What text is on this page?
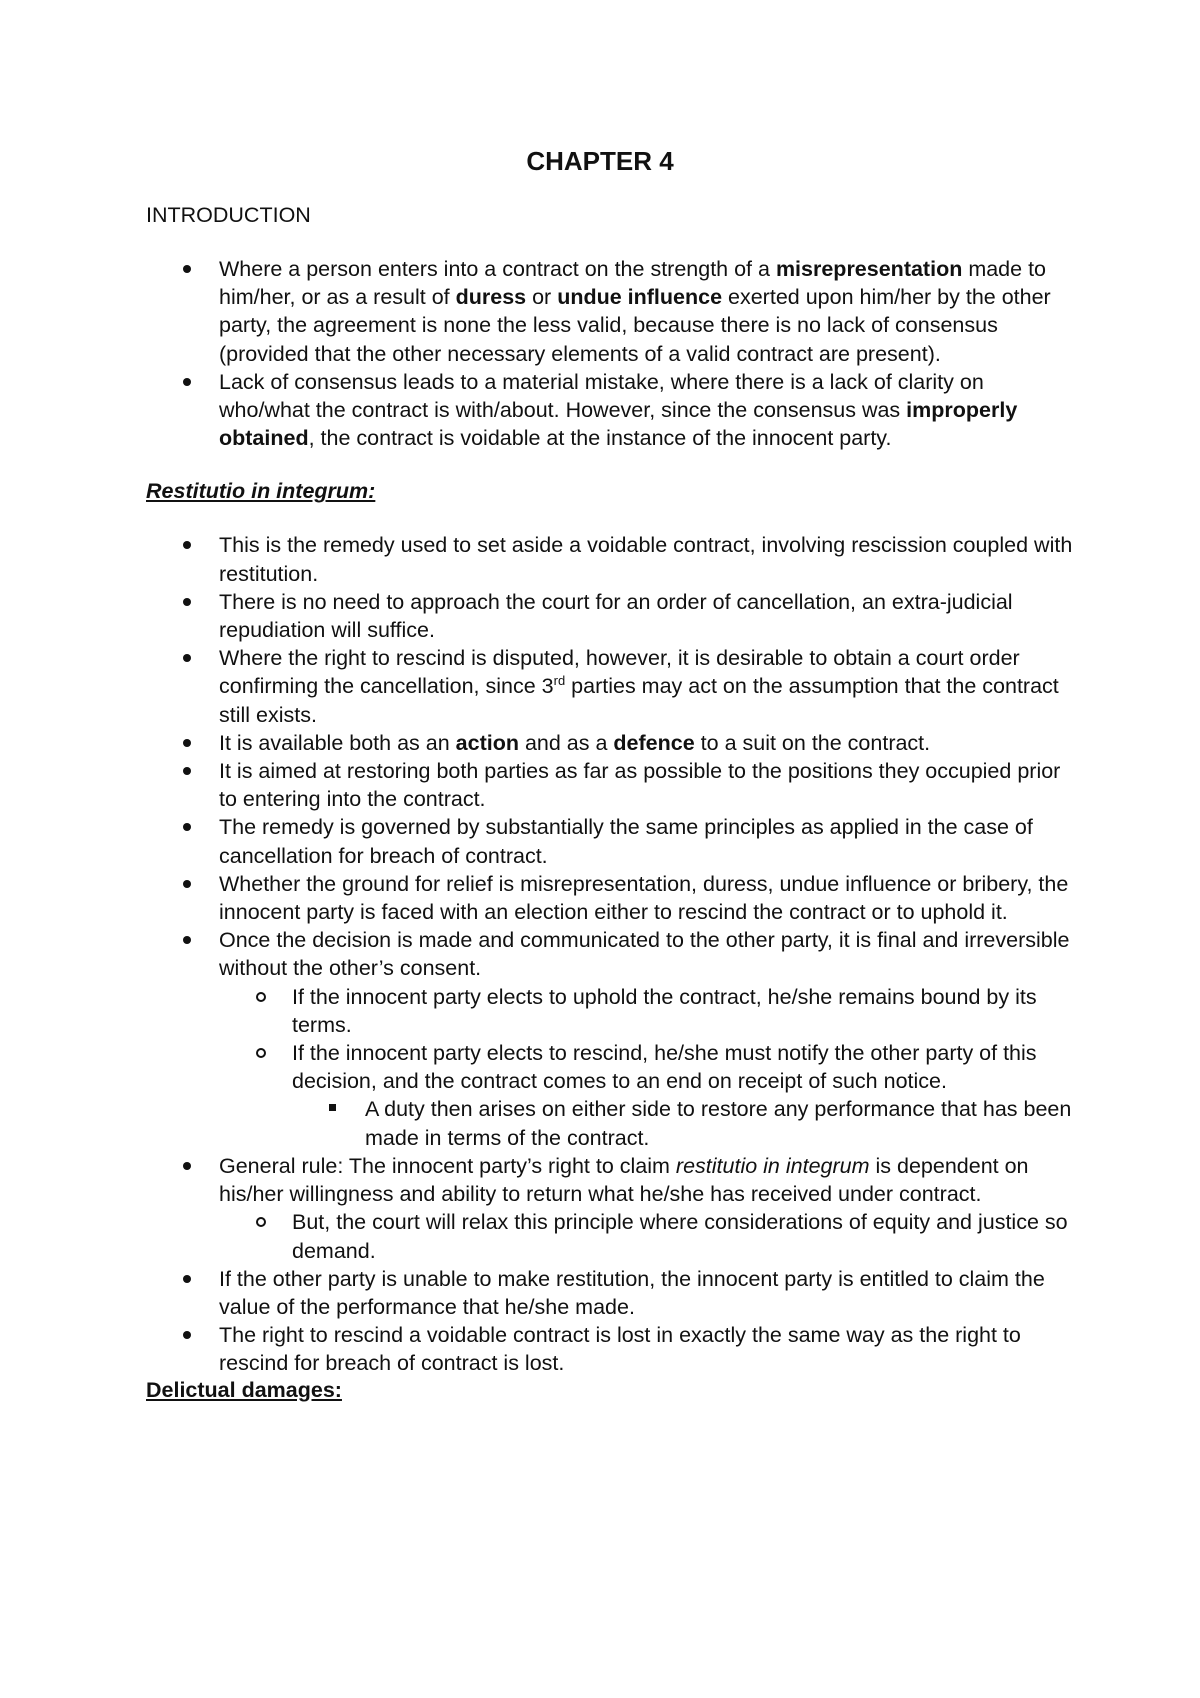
CHAPTER 4
INTRODUCTION
Where a person enters into a contract on the strength of a misrepresentation made to him/her, or as a result of duress or undue influence exerted upon him/her by the other party, the agreement is none the less valid, because there is no lack of consensus (provided that the other necessary elements of a valid contract are present).
Lack of consensus leads to a material mistake, where there is a lack of clarity on who/what the contract is with/about. However, since the consensus was improperly obtained, the contract is voidable at the instance of the innocent party.
Restitutio in integrum:
This is the remedy used to set aside a voidable contract, involving rescission coupled with restitution.
There is no need to approach the court for an order of cancellation, an extra-judicial repudiation will suffice.
Where the right to rescind is disputed, however, it is desirable to obtain a court order confirming the cancellation, since 3rd parties may act on the assumption that the contract still exists.
It is available both as an action and as a defence to a suit on the contract.
It is aimed at restoring both parties as far as possible to the positions they occupied prior to entering into the contract.
The remedy is governed by substantially the same principles as applied in the case of cancellation for breach of contract.
Whether the ground for relief is misrepresentation, duress, undue influence or bribery, the innocent party is faced with an election either to rescind the contract or to uphold it.
Once the decision is made and communicated to the other party, it is final and irreversible without the other’s consent.
If the innocent party elects to uphold the contract, he/she remains bound by its terms.
If the innocent party elects to rescind, he/she must notify the other party of this decision, and the contract comes to an end on receipt of such notice.
A duty then arises on either side to restore any performance that has been made in terms of the contract.
General rule: The innocent party’s right to claim restitutio in integrum is dependent on his/her willingness and ability to return what he/she has received under contract.
But, the court will relax this principle where considerations of equity and justice so demand.
If the other party is unable to make restitution, the innocent party is entitled to claim the value of the performance that he/she made.
The right to rescind a voidable contract is lost in exactly the same way as the right to rescind for breach of contract is lost.
Delictual damages:
